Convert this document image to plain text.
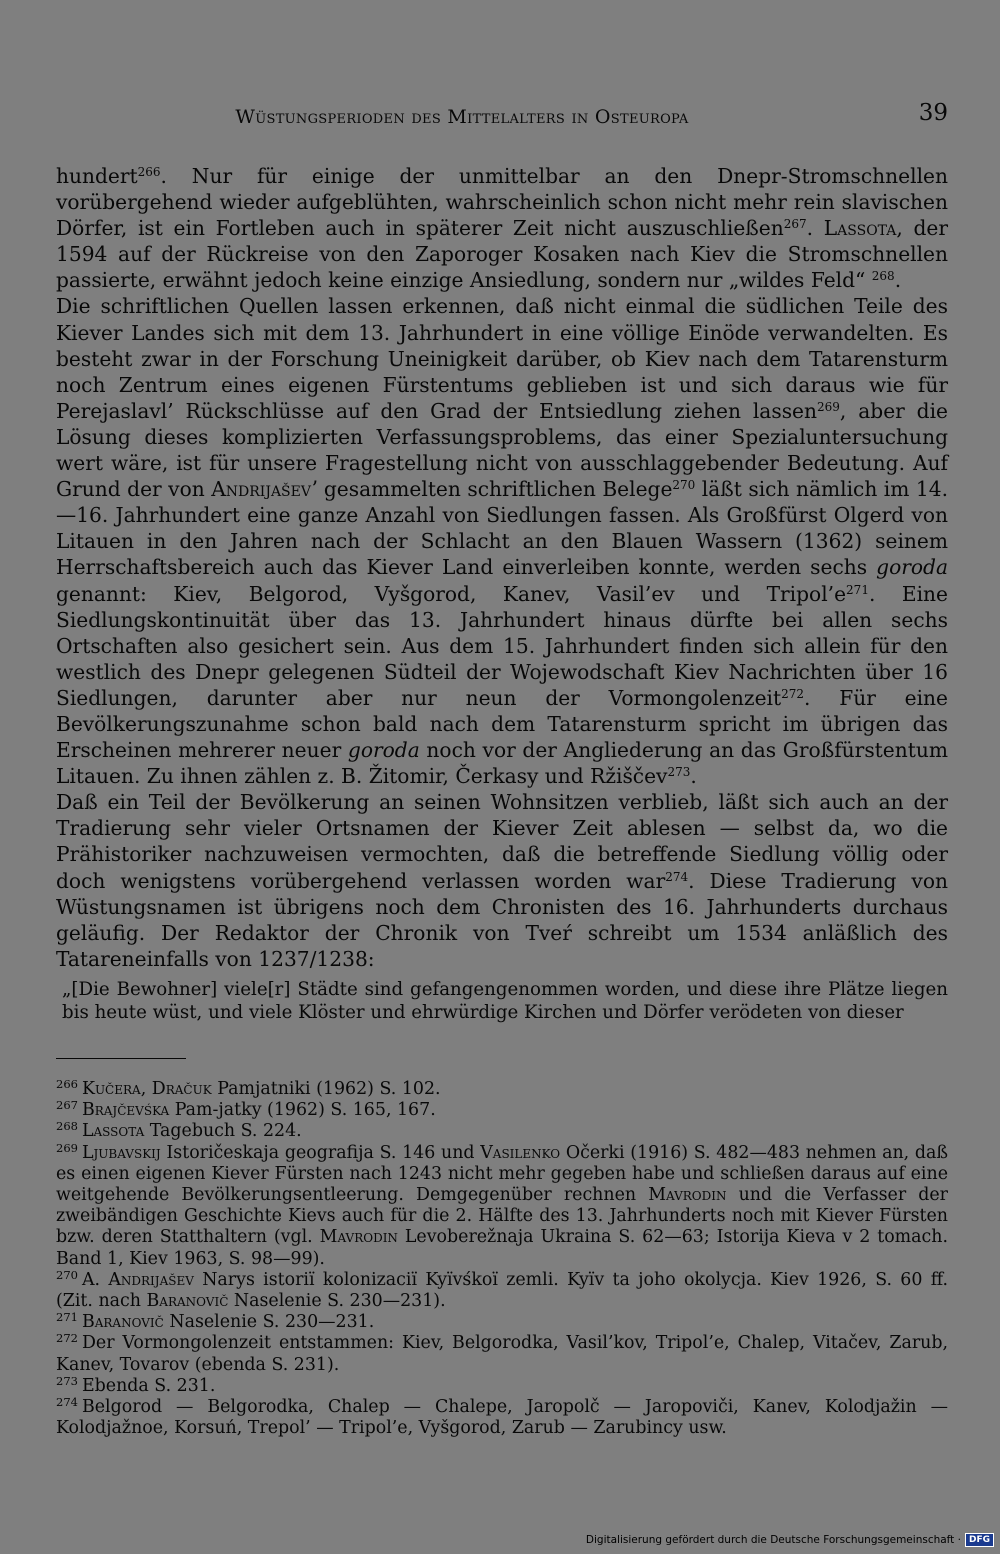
Wüstungsperioden des Mittelalters in Osteuropa	39

hundert$^{266}$. Nur für einige der unmittelbar an den Dnepr-Stromschnellen vorübergehend wieder aufgeblühten, wahrscheinlich schon nicht mehr rein slavischen Dörfer, ist ein Fortleben auch in späterer Zeit nicht auszuschließen$^{267}$. Lassota, der 1594 auf der Rückreise von den Zaporoger Kosaken nach Kiev die Stromschnellen passierte, erwähnt jedoch keine einzige Ansiedlung, sondern nur „wildes Feld“ $^{268}$.

Die schriftlichen Quellen lassen erkennen, daß nicht einmal die südlichen Teile des Kiever Landes sich mit dem 13. Jahrhundert in eine völlige Einöde verwandelten. Es besteht zwar in der Forschung Uneinigkeit darüber, ob Kiev nach dem Tatarensturm noch Zentrum eines eigenen Fürstentums geblieben ist und sich daraus wie für Perejaslavl’ Rückschlüsse auf den Grad der Entsiedlung ziehen lassen$^{269}$, aber die Lösung dieses komplizierten Verfassungsproblems, das einer Spezialuntersuchung wert wäre, ist für unsere Fragestellung nicht von ausschlaggebender Bedeutung. Auf Grund der von Andrijaševʼ gesammelten schriftlichen Belege$^{270}$ läßt sich nämlich im 14.—16. Jahrhundert eine ganze Anzahl von Siedlungen fassen. Als Großfürst Olgerd von Litauen in den Jahren nach der Schlacht an den Blauen Wassern (1362) seinem Herrschaftsbereich auch das Kiever Land einverleiben konnte, werden sechs goroda genannt: Kiev, Belgorod, Vyšgorod, Kanev, Vasil’ev und $Tripol’e^{271}$. Eine Siedlungskontinuität über das 13. Jahrhundert hinaus dürfte bei allen sechs Ortschaften also gesichert sein. Aus dem 15. Jahrhundert finden sich allein für den westlich des Dnepr gelegenen Südteil der Wojewodschaft Kiev Nachrichten über 16 Siedlungen, darunter aber nur neun der Vormongolenzeit$^{272}$. Für eine Bevölkerungszunahme schon bald nach dem Tatarensturm spricht im übrigen das Erscheinen mehrerer neuer goroda noch vor der Angliederung an das Großfürstentum Litauen. Zu ihnen zählen z. B. Žitomir, Čerkasy und Ržiščev$^{273}$.

Daß ein Teil der Bevölkerung an seinen Wohnsitzen verblieb, läßt sich auch an der Tradierung sehr vieler Ortsnamen der Kiever Zeit ablesen — selbst da, wo die Prähistoriker nachzuweisen vermochten, daß die betreffende Siedlung völlig oder doch wenigstens vorübergehend verlassen worden war$^{274}$. Diese Tradierung von Wüstungsnamen ist übrigens noch dem Chronisten des 16. Jahrhunderts durchaus geläufig. Der Redaktor der Chronik von Tveŕ schreibt um 1534 anläßlich des Tatareneinfalls von 1237/1238:

„[Die Bewohner] viele[r] Städte sind gefangengenommen worden, und diese ihre Plätze liegen bis heute wüst, und viele Klöster und ehrwürdige Kirchen und Dörfer verödeten von dieser

$^{266}$ Kučera, Dračuk Pamjatniki (1962) S. 102.

$^{267}$ Brajčevśka Pam-jatky (1962) S. 165, 167.

$^{268}$ Lassota Tagebuch S. 224.

$^{269}$ Ljubavskij Istoričeskaja geografija S. 146 und Vasilenko Očerki (1916) S. 482—483 nehmen an, daß es einen eigenen Kiever Fürsten nach 1243 nicht mehr gegeben habe und schließen daraus auf eine weitgehende Bevölkerungsentleerung. Demgegenüber rechnen Mavrodin und die Verfasser der zweibändigen Geschichte Kievs auch für die 2. Hälfte des 13. Jahrhunderts noch mit Kiever Fürsten bzw. deren Statthaltern (vgl. Mavrodin Levoberežnaja Ukraina S. 62—63; Istorija Kieva v 2 tomach. Band 1, Kiev 1963, S. 98—99).

$^{270}$ A. Andrijašev Narys istoriï kolonizaciï Kyïvśkoï zemli. Kyïv ta joho okolycja. Kiev 1926, S. 60 ff. (Zit. nach Baranovič Naselenie S. 230—231).

$^{271}$ Baranovič Naselenie S. 230—231.

$^{272}$ Der Vormongolenzeit entstammen: Kiev, Belgorodka, Vasil’kov, Tripol’e, Chalep, Vitačev, Zarub, Kanev, Tovarov (ebenda S. 231).

$^{273}$ Ebenda S. 231.

$^{274}$ Belgorod — Belgorodka, Chalep — Chalepe, Jaropolč — Jaropoviči, Kanev, Kolodjažin — Kolodjažnoe, Korsuń, Trepol’ — Tripol’e, Vyšgorod, Zarub — Zarubincy usw.

Digitalisierung gefördert durch die Deutsche Forschungsgemeinschaft · DFG
